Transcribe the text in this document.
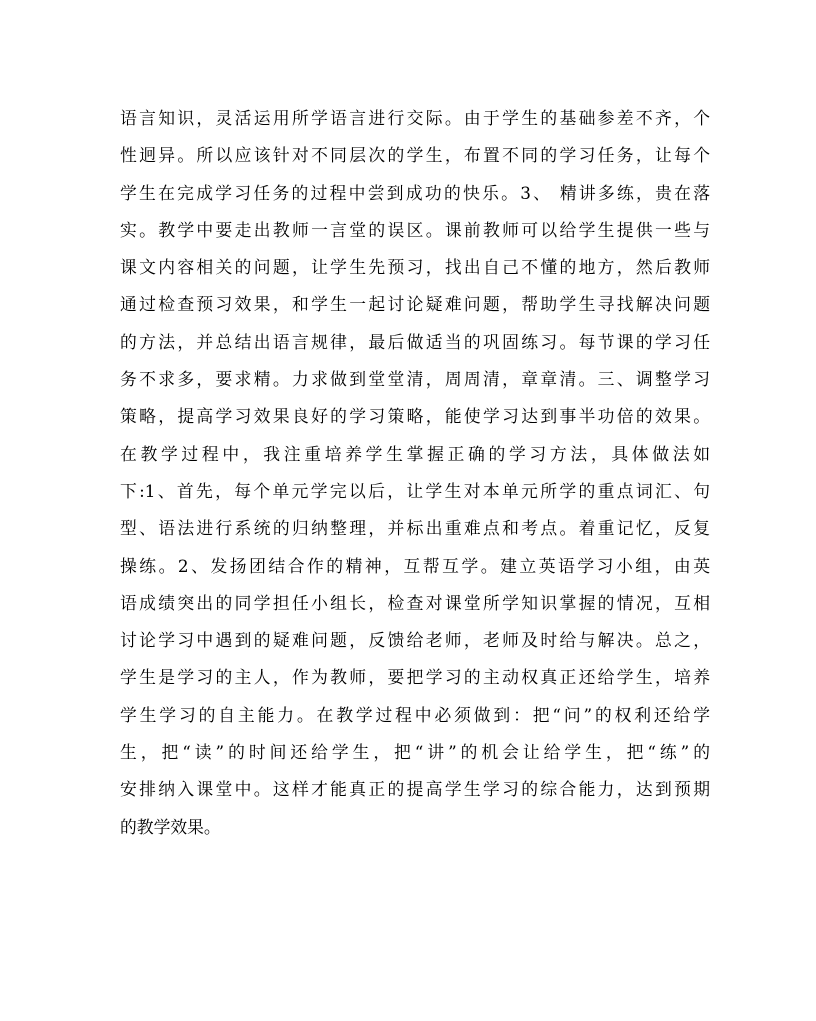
语言知识，灵活运用所学语言进行交际。由于学生的基础参差不齐，个
性迥异。所以应该针对不同层次的学生，布置不同的学习任务，让每个
学生在完成学习任务的过程中尝到成功的快乐。3、 精讲多练，贵在落
实。教学中要走出教师一言堂的误区。课前教师可以给学生提供一些与
课文内容相关的问题，让学生先预习，找出自己不懂的地方，然后教师
通过检查预习效果，和学生一起讨论疑难问题，帮助学生寻找解决问题
的方法，并总结出语言规律，最后做适当的巩固练习。每节课的学习任
务不求多，要求精。力求做到堂堂清，周周清，章章清。三、调整学习
策略，提高学习效果良好的学习策略，能使学习达到事半功倍的效果。
在教学过程中，我注重培养学生掌握正确的学习方法，具体做法如
下:1、首先，每个单元学完以后，让学生对本单元所学的重点词汇、句
型、语法进行系统的归纳整理，并标出重难点和考点。着重记忆，反复
操练。2、发扬团结合作的精神，互帮互学。建立英语学习小组，由英
语成绩突出的同学担任小组长，检查对课堂所学知识掌握的情况，互相
讨论学习中遇到的疑难问题，反馈给老师，老师及时给与解决。总之，
学生是学习的主人，作为教师，要把学习的主动权真正还给学生，培养
学生学习的自主能力。在教学过程中必须做到：把“问”的权利还给学
生，把“读”的时间还给学生，把“讲”的机会让给学生，把“练”的
安排纳入课堂中。这样才能真正的提高学生学习的综合能力，达到预期
的教学效果。
